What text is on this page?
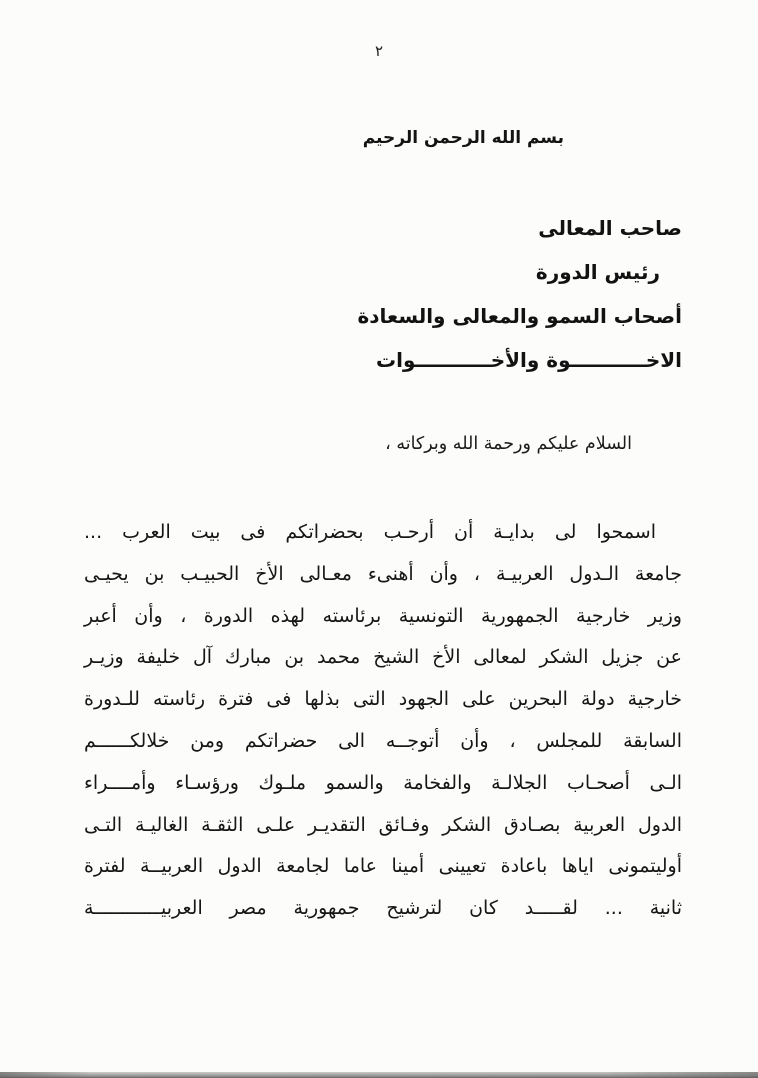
٢
بسم الله الرحمن الرحيم
صاحب المعالى
رئيس الدورة
أصحاب السمو والمعالى والسعادة
الاخـــــــــــوة والأخـــــــــــوات
السلام عليكم ورحمة الله وبركاته ،
اسمحوا لى بدايـة أن أرحـب بحضراتكم فى بيت العرب ...
جامعة الـدول العربيـة ، وأن أهنىء معـالى الأخ الحبيـب بن يحيـى
وزير خارجية الجمهورية التونسية برئاسته لهذه الدورة ، وأن أعبر
عن جزيل الشكر لمعالى الأخ الشيخ محمد بن مبارك آل خليفة وزيـر
خارجية دولة البحرين على الجهود التى بذلها فى فترة رئاسته للـدورة
السابقة للمجلس ، وأن أتوجــه الى حضراتكم ومن خلالكــــــم
الـى أصحـاب الجلالـة والفخامة والسمو ملـوك ورؤسـاء وأمــــراء
الدول العربية بصـادق الشكر وفـائق التقديـر علـى الثقـة الغاليـة التـى
أوليتمونى اياها باعادة تعيينى أمينا عاما لجامعة الدول العربيــة لفترة
ثانية ... لقـــــد كان لترشيح جمهورية مصر العربيــــــــــــة
